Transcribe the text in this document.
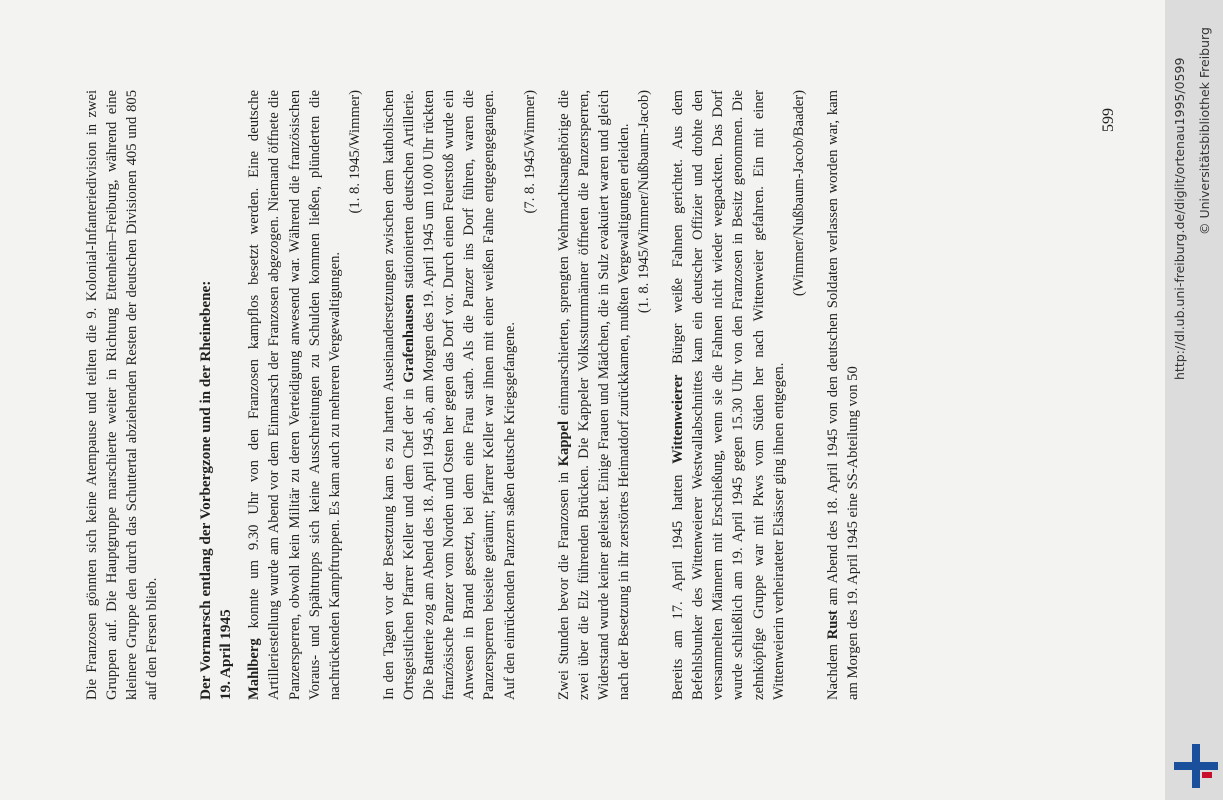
Die Franzosen gönnten sich keine Atempause und teilten die 9. Kolonial-Infanteriedivision in zwei Gruppen auf. Die Hauptgruppe marschierte weiter in Richtung Ettenheim–Freiburg, während eine kleinere Gruppe den durch das Schuttertal abziehenden Resten der deutschen Divisionen 405 und 805 auf den Fersen blieb. Der Vormarsch entlang der Vorbergzone und in der Rheinebene: 19. April 1945 Mahlberg konnte um 9.30 Uhr von den Franzosen kampflos besetzt werden. Eine deutsche Artilleriestellung wurde am Abend vor dem Einmarsch der Franzosen abgezogen. Niemand öffnete die Panzersperren, obwohl kein Militär zu deren Verteidigung anwesend war. Während die französischen Voraus- und Spähtrupps sich keine Ausschreitungen zu Schulden kommen ließen, plünderten die nachrückenden Kampftruppen. Es kam auch zu mehreren Vergewaltigungen.

(1. 8. 1945/Wimmer) In den Tagen vor der Besetzung kam es zu harten Auseinandersetzungen zwischen dem katholischen Ortsgeistlichen Pfarrer Keller und dem Chef der in Grafenhausen stationierten deutschen Artillerie. Die Batterie zog am Abend des 18. April 1945 ab, am Morgen des 19. April 1945 um 10.00 Uhr rückten französische Panzer vom Norden und Osten her gegen das Dorf vor. Durch einen Feuerstoß wurde ein Anwesen in Brand gesetzt, bei dem eine Frau starb. Als die Panzer ins Dorf führen, waren die Panzersperren beiseite geräumt; Pfarrer Keller war ihnen mit einer weißen Fahne entgegengegangen. Auf den einrückenden Panzern saßen deutsche Kriegsgefangene.

(7. 8. 1945/Wimmer)

Zwei Stunden bevor die Franzosen in Kappel einmarschierten, sprengten Wehrmachtsangehörige die zwei über die Elz führenden Brücken. Die Kappeler Volkssturmmänner öffneten die Panzersperren, Widerstand wurde keiner geleistet. Einige Frauen und Mädchen, die in Sulz evakuiert waren und gleich nach der Besetzung in ihr zerstörtes Heimatdorf zurückkamen, mußten Vergewaltigungen erleiden. (1. 8. 1945/Wimmer/Nußbaum-Jacob)

Bereits am 17. April 1945 hatten Wittenweierer Bürger weiße Fahnen gerichtet. Aus dem Befehlsbunker des Wittenweierer Westwallabschnittes kam ein deutscher Offizier und drohte den versammelten Männern mit Erschießung, wenn sie die Fahnen nicht wieder wegpackten. Das Dorf wurde schließlich am 19. April 1945 gegen 15.30 Uhr von den Franzosen in Besitz genommen. Die zehnköpfige Gruppe war mit Pkws vom Süden her nach Wittenweier gefahren. Ein mit einer Wittenweierin verheirateter Elsässer ging ihnen entgegen.

(Wimmer/Nußbaum-Jacob/Baader)

Nachdem Rust am Abend des 18. April 1945 von den deutschen Soldaten verlassen worden war, kam am Morgen des 19. April 1945 eine SS-Abteilung von 50

599	http://dl.ub.uni-freiburg.de/diglit/ortenau1995/0599 © Universitätsbibliothek Freiburg
